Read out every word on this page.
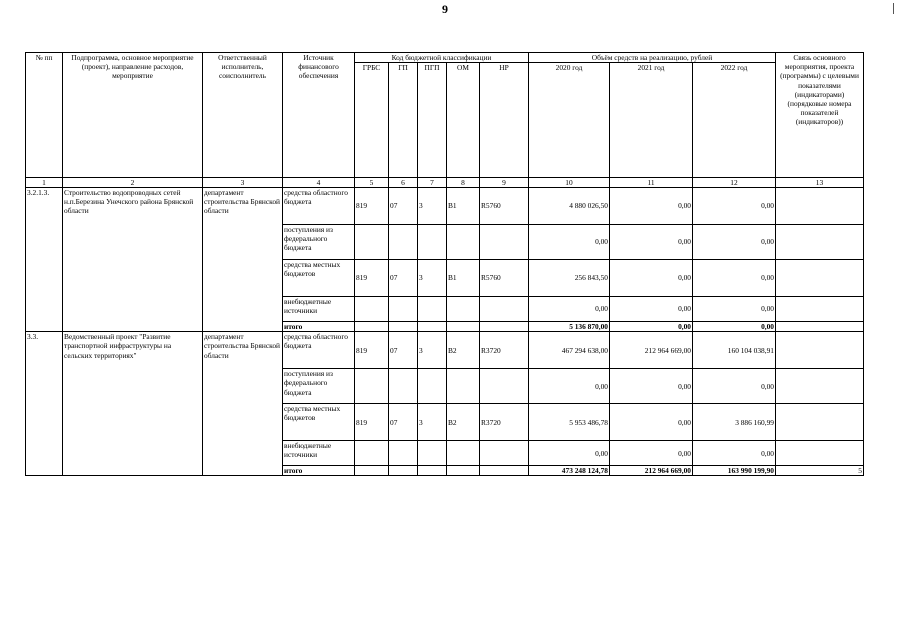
9
№ пп	Подпрограмма, основное мероприятие (проект), направление расходов, мероприятие	Ответственный исполнитель, соисполнитель	Источник финансового обеспечения	Код бюджетной классификации					Объём средств на реализацию, рублей			Связь основного мероприятия, проекта (программы) с целевыми показателями (индикаторами) (порядковые номера показателей (индикаторов))
				ГРБС	ГП	ПГП	ОМ	НР	2020 год	2021 год	2022 год	
1	2	3	4	5	6	7	8	9	10	11	12	13
3.2.1.3.	Строительство водопроводных сетей н.п.Березина Унечского района Брянской области	департамент строительства Брянской области	средства областного бюджета	819	07	3	В1	R5760	4 880 026,50	0,00	0,00	
			поступления из федерального бюджета						0,00	0,00	0,00	
			средства местных бюджетов	819	07	3	В1	R5760	256 843,50	0,00	0,00	
			внебюджетные источники						0,00	0,00	0,00	
			итого						5 136 870,00	0,00	0,00	
3.3.	Ведомственный проект "Развитие транспортной инфраструктуры на сельских территориях"	департамент строительства Брянской области	средства областного бюджета	819	07	3	В2	R3720	467 294 638,00	212 964 669,00	160 104 038,91	
			поступления из федерального бюджета						0,00	0,00	0,00	
			средства местных бюджетов	819	07	3	В2	R3720	5 953 486,78	0,00	3 886 160,99	
			внебюджетные источники						0,00	0,00	0,00	
			итого						473 248 124,78	212 964 669,00	163 990 199,90	5
